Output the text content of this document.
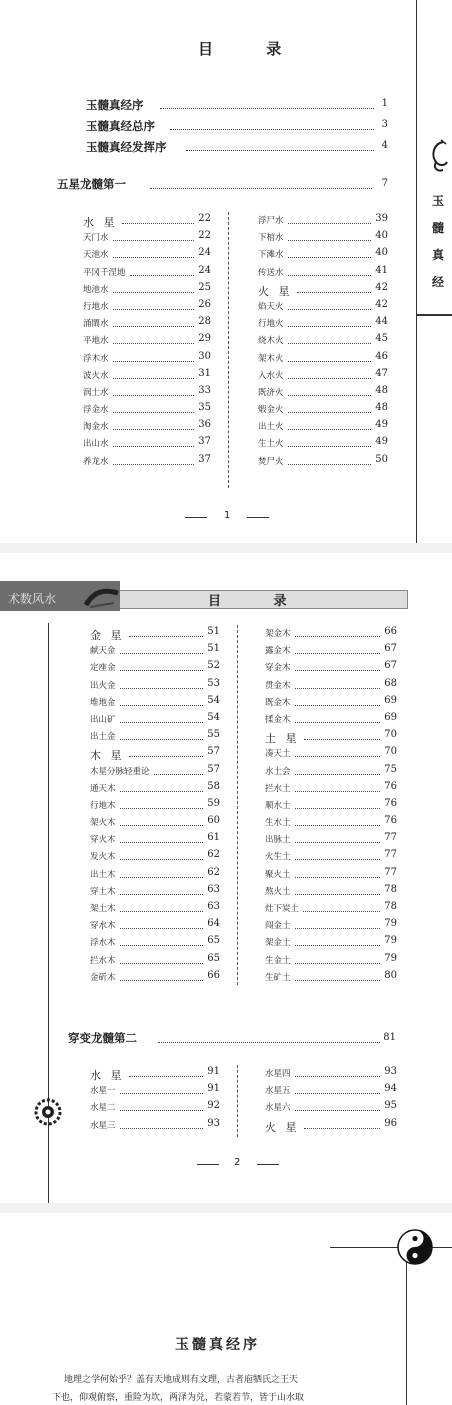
目 录
玉髓真经序	1
玉髓真经总序	3
玉髓真经发挥序	4
五星龙髓第一	7
水 星	22
天门水	22
天池水	24
平冈千涅地	24
地池水	25
行地水	26
涌閙水	28
平地水	29
浮木水	30
波火水	31
润土水	33
浮金水	35
淘金水	36
出山水	37
养龙水	37
浮尸水	39
下棺水	40
下滩水	40
传送水	41
火 星	42
焰天火	42
行地火	44
烧木火	45
架木火	46
入水火	47
既济火	48
煅金火	48
出土火	49
生土火	49
焚尸火	50
1
玉
髓
真
经
术数风水	目 录
金 星	51
献天金	51
定座金	52
出火金	53
堆地金	54
出山矿	54
出土金	55
木 星	57
木星分脉轻重论	57
通天木	58
行地木	59
架火木	60
穿火木	61
发火木	62
出土木	62
穿土木	63
架土木	63
穿水木	64
浮水木	65
拦水木	65
金斫木	66
架金木	66
露金木	67
穿金木	67
贯金木	68
既金木	69
揉金木	69
土 星	70
凑天土	70
水土会	75
拦水土	76
顺水土	76
生水土	76
出脉土	77
火生土	77
聚火土	77
熬火土	78
灶下炭土	78
闯金土	79
架金土	79
生金土	79
生矿土	80
穿变龙髓第二	81
水 星	91
水星一	91
水星二	92
水星三	93
水星四	93
水星五	94
水星六	95
火 星	96
2
玉髓真经序
地理之学何始乎？盖有天地成则有文理，古者庖牺氏之王天
下也，仰观俯察，重险为坎，两泽为兑，若蒙若节，皆于山水取
